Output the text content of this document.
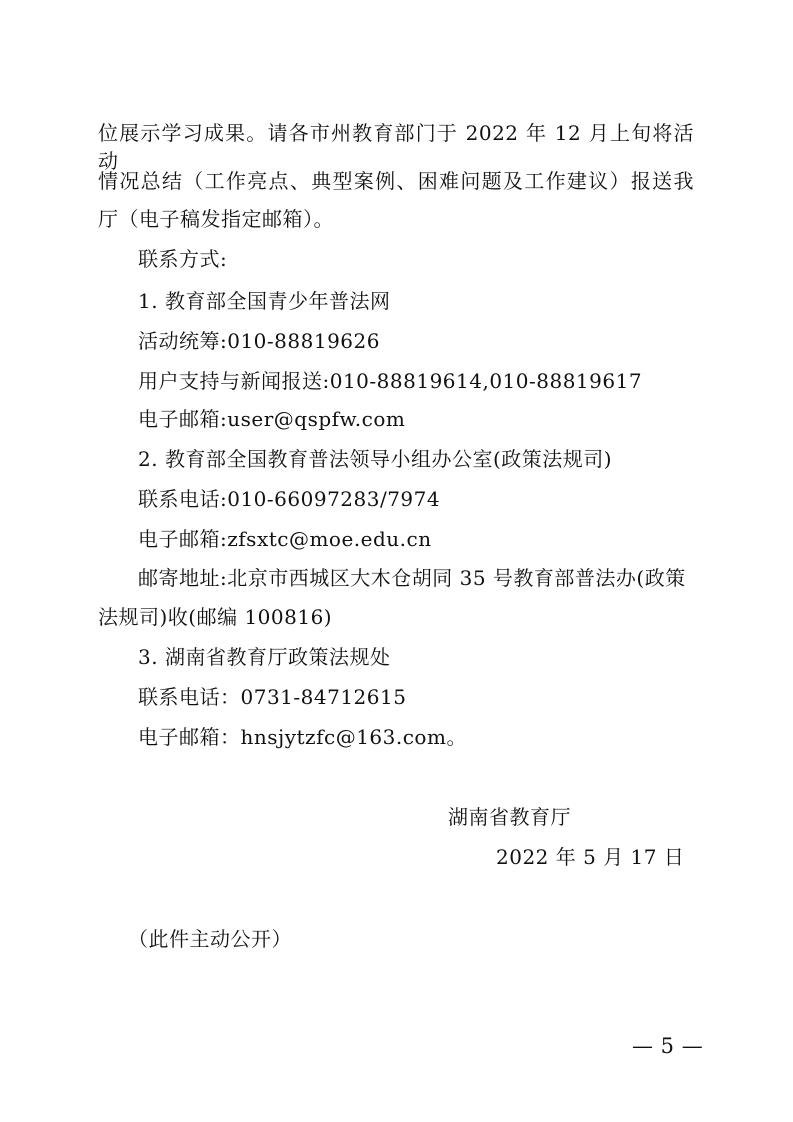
位展示学习成果。请各市州教育部门于 2022 年 12 月上旬将活动
情况总结（工作亮点、典型案例、困难问题及工作建议）报送我
厅（电子稿发指定邮箱）。
联系方式:
1. 教育部全国青少年普法网
活动统筹:010-88819626
用户支持与新闻报送:010-88819614,010-88819617
电子邮箱:user@qspfw.com
2. 教育部全国教育普法领导小组办公室(政策法规司)
联系电话:010-66097283/7974
电子邮箱:zfsxtc@moe.edu.cn
邮寄地址:北京市西城区大木仓胡同 35 号教育部普法办(政策
法规司)收(邮编 100816)
3. 湖南省教育厅政策法规处
联系电话：0731-84712615
电子邮箱：hnsjytzfc@163.com。
湖南省教育厅
2022 年 5 月 17 日
（此件主动公开）
— 5 —
